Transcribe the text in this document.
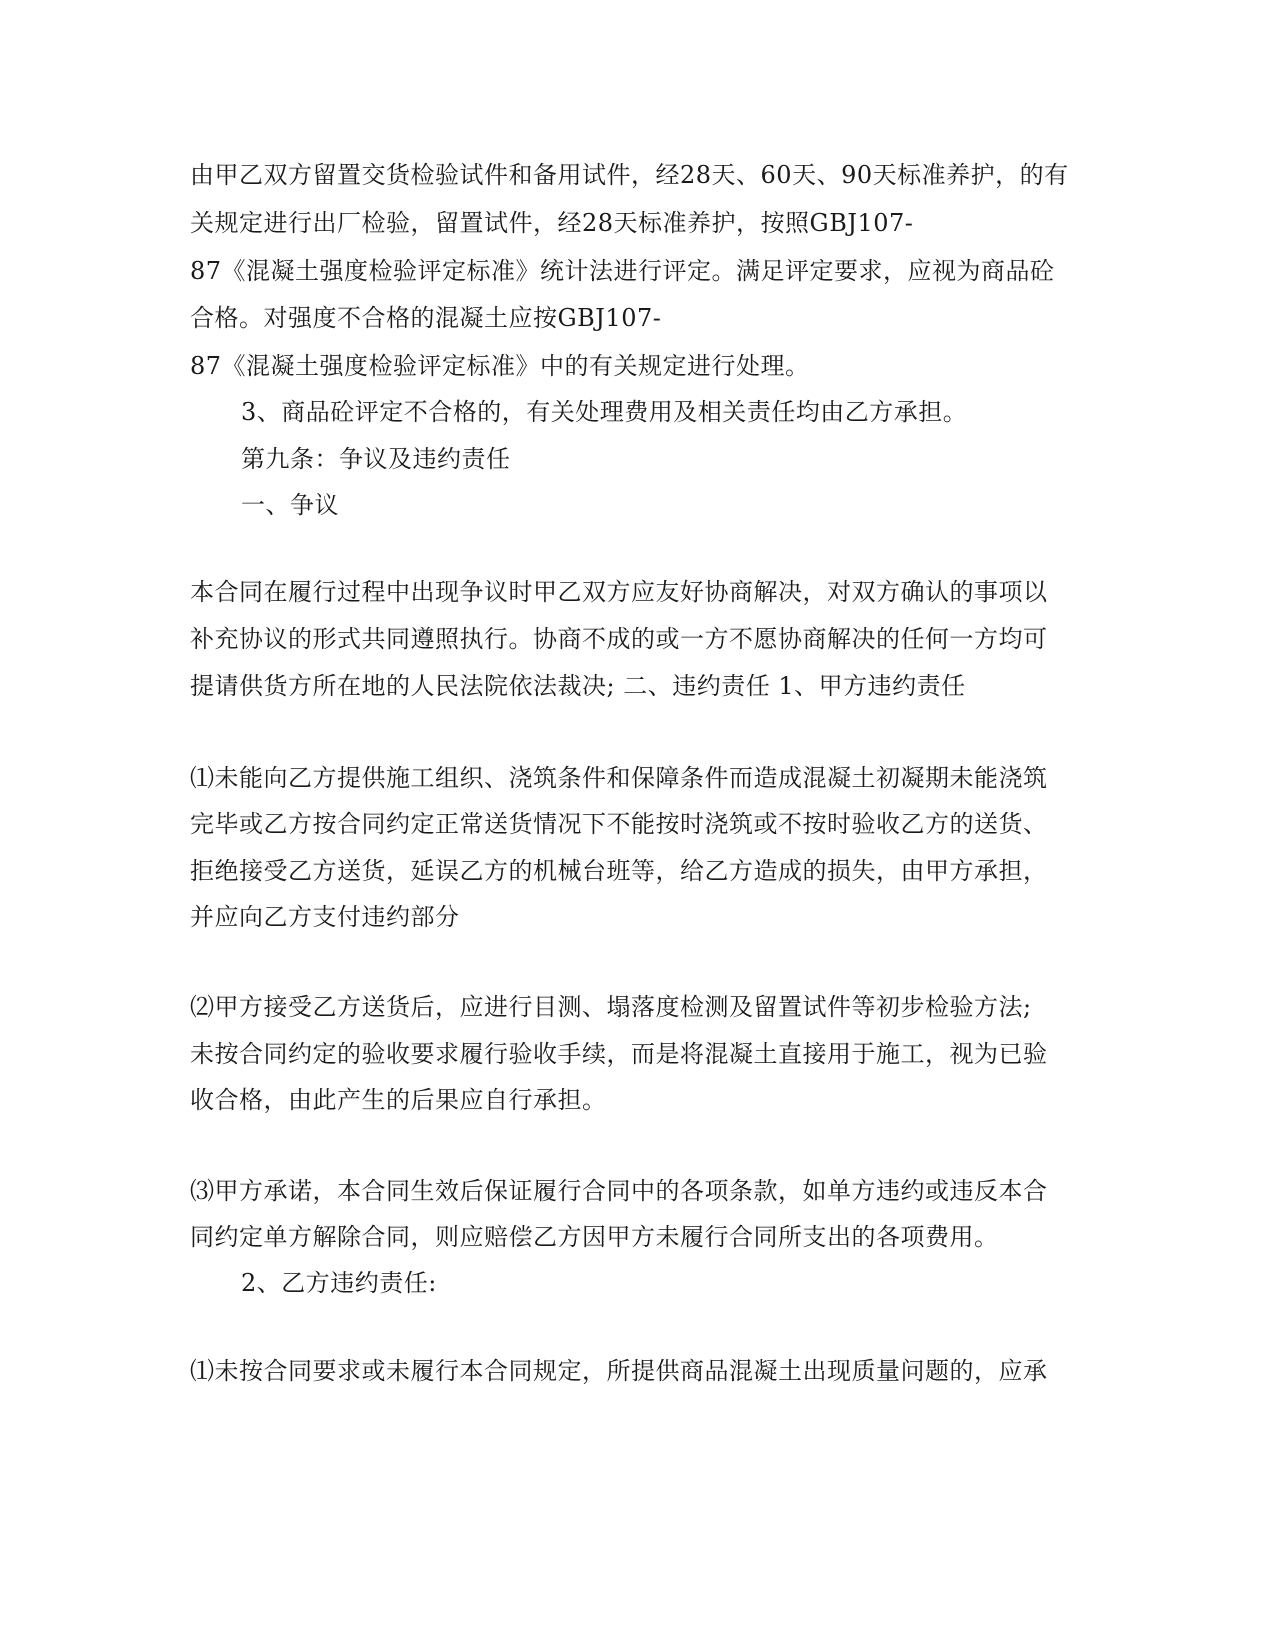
由甲乙双方留置交货检验试件和备用试件，经28天、60天、90天标准养护，的有
关规定进行出厂检验，留置试件，经28天标准养护，按照GBJ107-
87《混凝土强度检验评定标准》统计法进行评定。满足评定要求，应视为商品砼
合格。对强度不合格的混凝土应按GBJ107-
87《混凝土强度检验评定标准》中的有关规定进行处理。
3、商品砼评定不合格的，有关处理费用及相关责任均由乙方承担。
第九条：争议及违约责任
一、争议
本合同在履行过程中出现争议时甲乙双方应友好协商解决，对双方确认的事项以
补充协议的形式共同遵照执行。协商不成的或一方不愿协商解决的任何一方均可
提请供货方所在地的人民法院依法裁决; 二、违约责任 1、甲方违约责任
⑴未能向乙方提供施工组织、浇筑条件和保障条件而造成混凝土初凝期未能浇筑
完毕或乙方按合同约定正常送货情况下不能按时浇筑或不按时验收乙方的送货、
拒绝接受乙方送货，延误乙方的机械台班等，给乙方造成的损失，由甲方承担，
并应向乙方支付违约部分
⑵甲方接受乙方送货后，应进行目测、塌落度检测及留置试件等初步检验方法;
未按合同约定的验收要求履行验收手续，而是将混凝土直接用于施工，视为已验
收合格，由此产生的后果应自行承担。
⑶甲方承诺，本合同生效后保证履行合同中的各项条款，如单方违约或违反本合
同约定单方解除合同，则应赔偿乙方因甲方未履行合同所支出的各项费用。
2、乙方违约责任:
⑴未按合同要求或未履行本合同规定，所提供商品混凝土出现质量问题的，应承
